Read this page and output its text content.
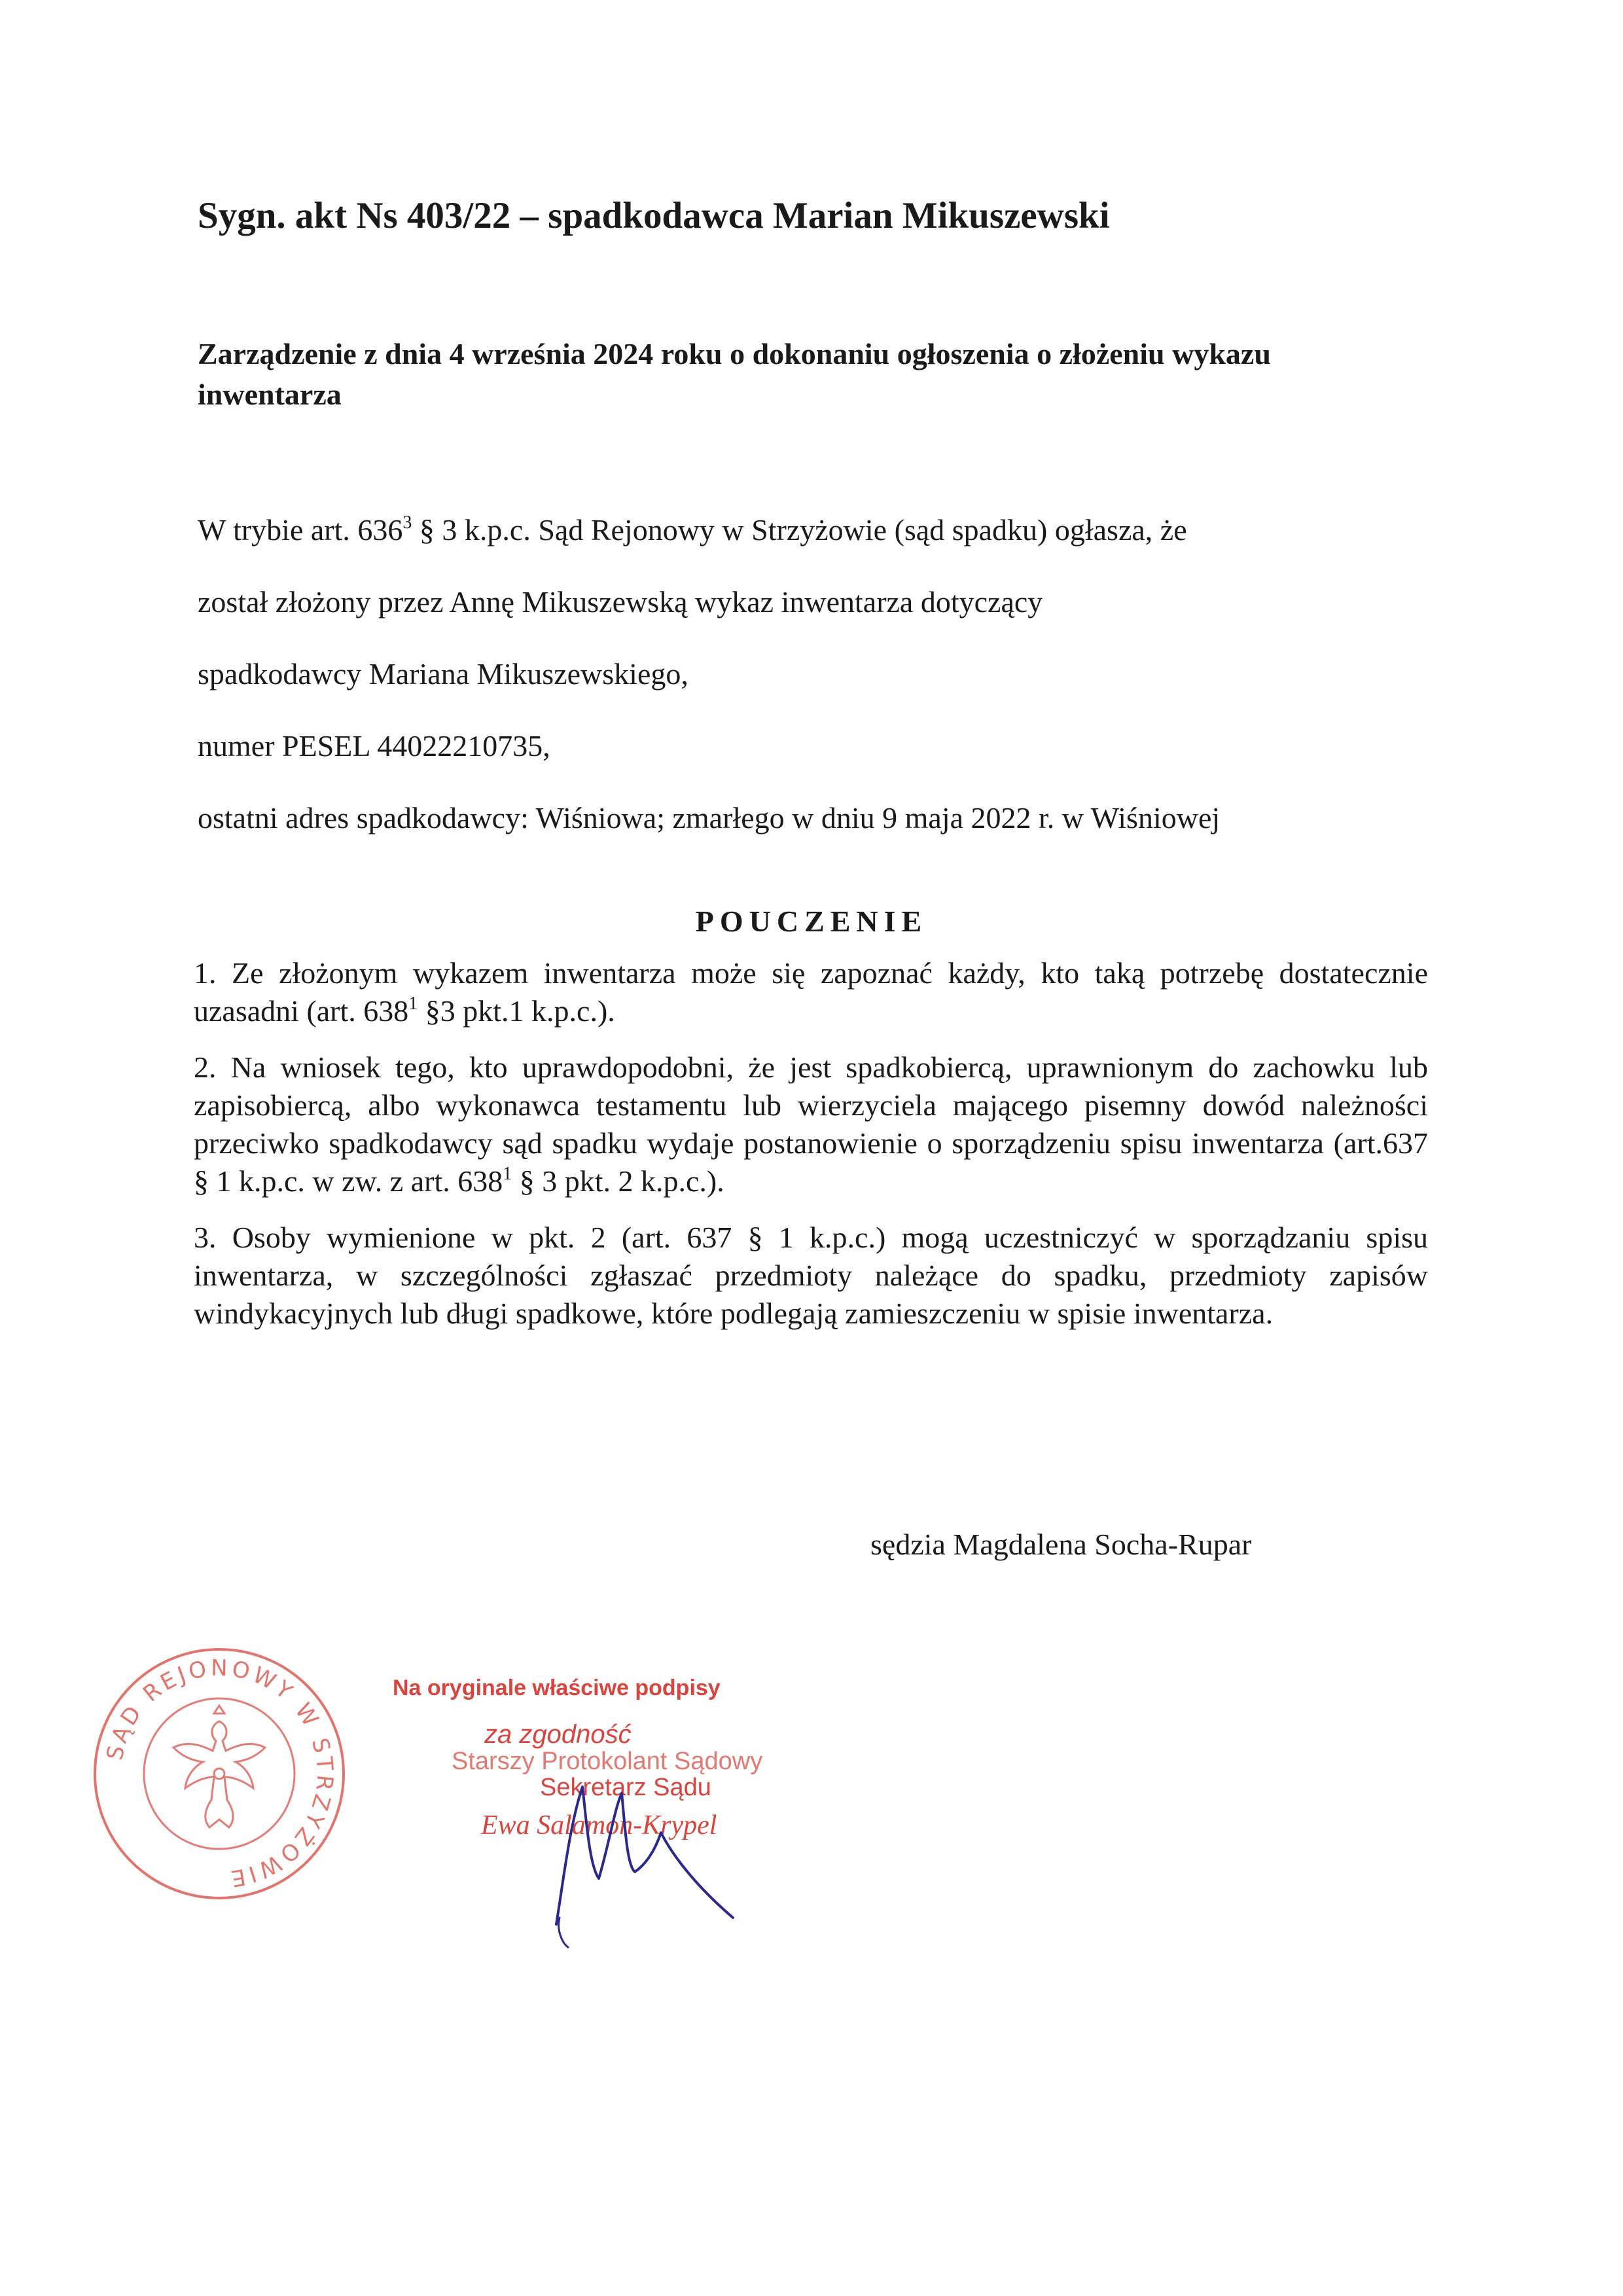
Sygn. akt Ns 403/22 – spadkodawca Marian Mikuszewski
Zarządzenie z dnia 4 września 2024 roku o dokonaniu ogłoszenia o złożeniu wykazu inwentarza
W trybie art. $636^3$ § 3 k.p.c. Sąd Rejonowy w Strzyżowie (sąd spadku) ogłasza, że
został złożony przez Annę Mikuszewską wykaz inwentarza dotyczący
spadkodawcy Mariana Mikuszewskiego,
numer PESEL 44022210735,
ostatni adres spadkodawcy: Wiśniowa; zmarłego w dniu 9 maja 2022 r. w Wiśniowej
POUCZENIE

1. Ze złożonym wykazem inwentarza może się zapoznać każdy, kto taką potrzebę dostatecznie uzasadni (art. $638^1$ §3 pkt.1 k.p.c.).

2. Na wniosek tego, kto uprawdopodobni, że jest spadkobiercą, uprawnionym do zachowku lub zapisobiercą, albo wykonawca testamentu lub wierzyciela mającego pisemny dowód należności przeciwko spadkodawcy sąd spadku wydaje postanowienie o sporządzeniu spisu inwentarza (art.637 § 1 k.p.c. w zw. z art. $638^1$ § 3 pkt. 2 k.p.c.).

3. Osoby wymienione w pkt. 2 (art. 637 § 1 k.p.c.) mogą uczestniczyć w sporządzaniu spisu inwentarza, w szczególności zgłaszać przedmioty należące do spadku, przedmioty zapisów windykacyjnych lub długi spadkowe, które podlegają zamieszczeniu w spisie inwentarza.

sędzia Magdalena Socha-Rupar
SĄD REJONOWY W STRZYŻOWIE
Na oryginale właściwe podpisy
za zgodność
Starszy Protokolant Sądowy
Sekretarz Sądu
Ewa Salamon-Krypel
